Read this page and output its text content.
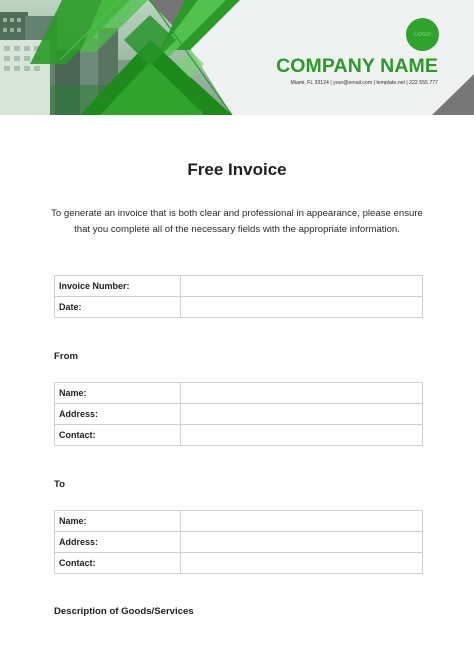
LOGO
COMPANY NAME
Miami, FL 33124 | your@email.com | template.net | 222 555 777
Free Invoice
To generate an invoice that is both clear and professional in appearance, please ensure that you complete all of the necessary fields with the appropriate information.
Invoice Number:	
Date:	
From
Name:	
Address:	
Contact:	
To
Name:	
Address:	
Contact:	
Description of Goods/Services
